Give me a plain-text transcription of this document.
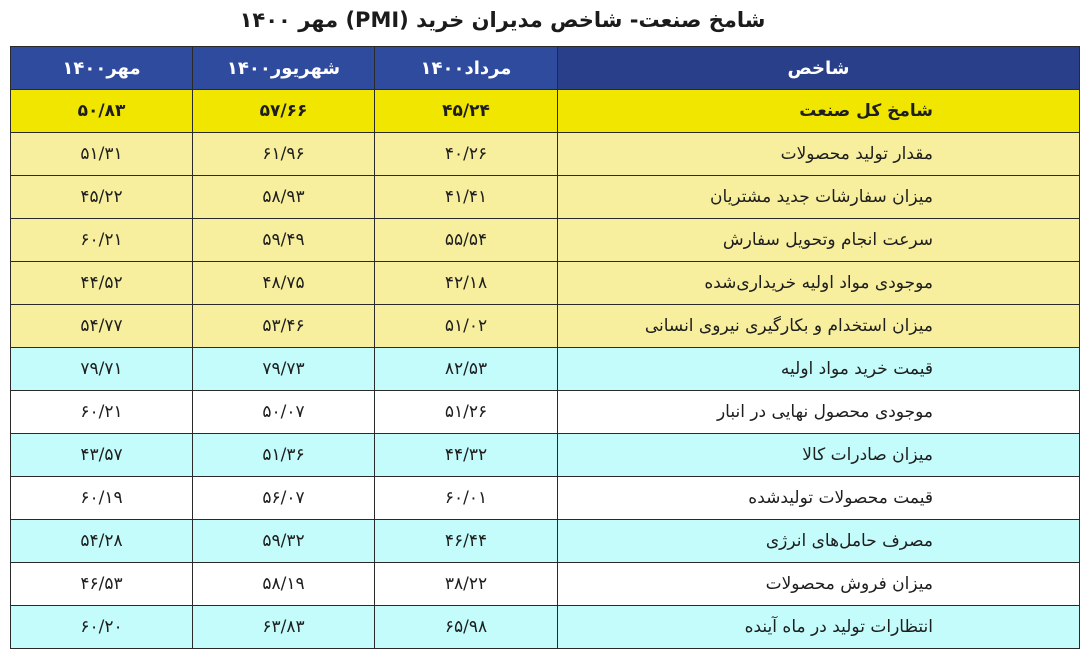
شامخ صنعت- شاخص مدیران خرید (PMI) مهر ۱۴۰۰
شاخص	مرداد۱۴۰۰	شهریور۱۴۰۰	مهر۱۴۰۰
شامخ کل صنعت	۴۵/۲۴	۵۷/۶۶	۵۰/۸۳
مقدار تولید محصولات	۴۰/۲۶	۶۱/۹۶	۵۱/۳۱
میزان سفارشات جدید مشتریان	۴۱/۴۱	۵۸/۹۳	۴۵/۲۲
سرعت انجام وتحویل سفارش	۵۵/۵۴	۵۹/۴۹	۶۰/۲۱
موجودی مواد اولیه خریداری‌شده	۴۲/۱۸	۴۸/۷۵	۴۴/۵۲
میزان استخدام و بکارگیری نیروی انسانی	۵۱/۰۲	۵۳/۴۶	۵۴/۷۷
قیمت خرید مواد اولیه	۸۲/۵۳	۷۹/۷۳	۷۹/۷۱
موجودی محصول نهایی در انبار	۵۱/۲۶	۵۰/۰۷	۶۰/۲۱
میزان صادرات کالا	۴۴/۳۲	۵۱/۳۶	۴۳/۵۷
قیمت محصولات تولیدشده	۶۰/۰۱	۵۶/۰۷	۶۰/۱۹
مصرف حامل‌های انرژی	۴۶/۴۴	۵۹/۳۲	۵۴/۲۸
میزان فروش محصولات	۳۸/۲۲	۵۸/۱۹	۴۶/۵۳
انتظارات تولید در ماه آینده	۶۵/۹۸	۶۳/۸۳	۶۰/۲۰
